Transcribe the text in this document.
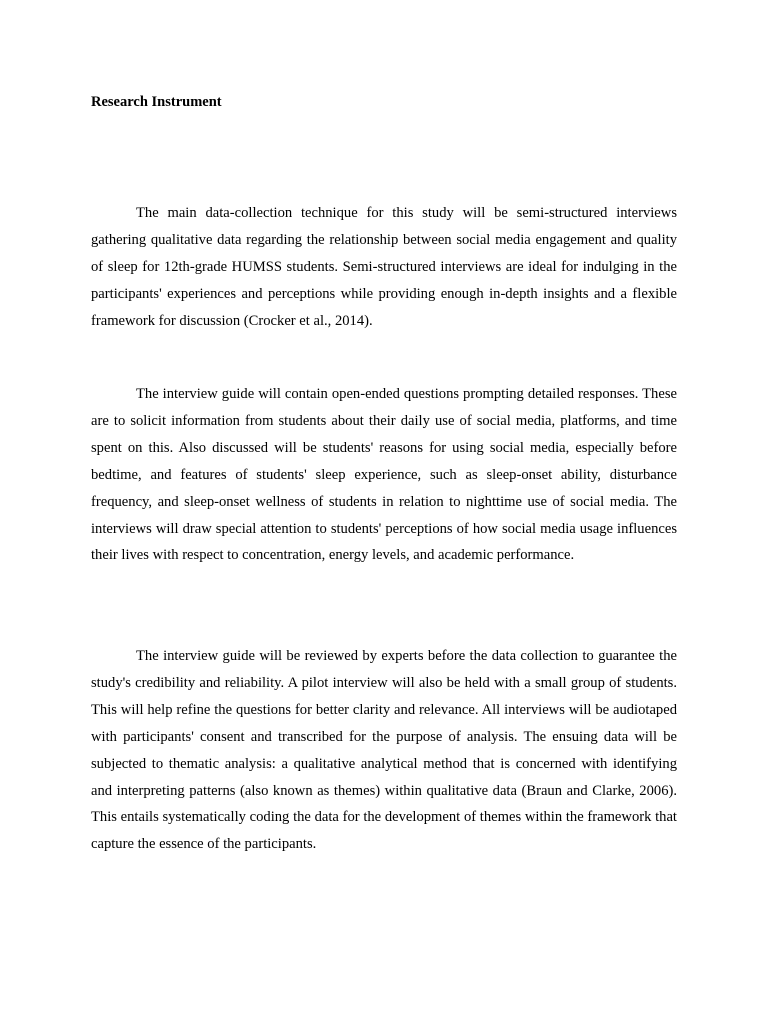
Research Instrument

The main data-collection technique for this study will be semi-structured interviews gathering qualitative data regarding the relationship between social media engagement and quality of sleep for 12th-grade HUMSS students. Semi-structured interviews are ideal for indulging in the participants' experiences and perceptions while providing enough in-depth insights and a flexible framework for discussion (Crocker et al., 2014).

The interview guide will contain open-ended questions prompting detailed responses. These are to solicit information from students about their daily use of social media, platforms, and time spent on this. Also discussed will be students' reasons for using social media, especially before bedtime, and features of students' sleep experience, such as sleep-onset ability, disturbance frequency, and sleep-onset wellness of students in relation to nighttime use of social media. The interviews will draw special attention to students' perceptions of how social media usage influences their lives with respect to concentration, energy levels, and academic performance.

The interview guide will be reviewed by experts before the data collection to guarantee the study's credibility and reliability. A pilot interview will also be held with a small group of students. This will help refine the questions for better clarity and relevance. All interviews will be audiotaped with participants' consent and transcribed for the purpose of analysis. The ensuing data will be subjected to thematic analysis: a qualitative analytical method that is concerned with identifying and interpreting patterns (also known as themes) within qualitative data (Braun and Clarke, 2006). This entails systematically coding the data for the development of themes within the framework that capture the essence of the participants.
